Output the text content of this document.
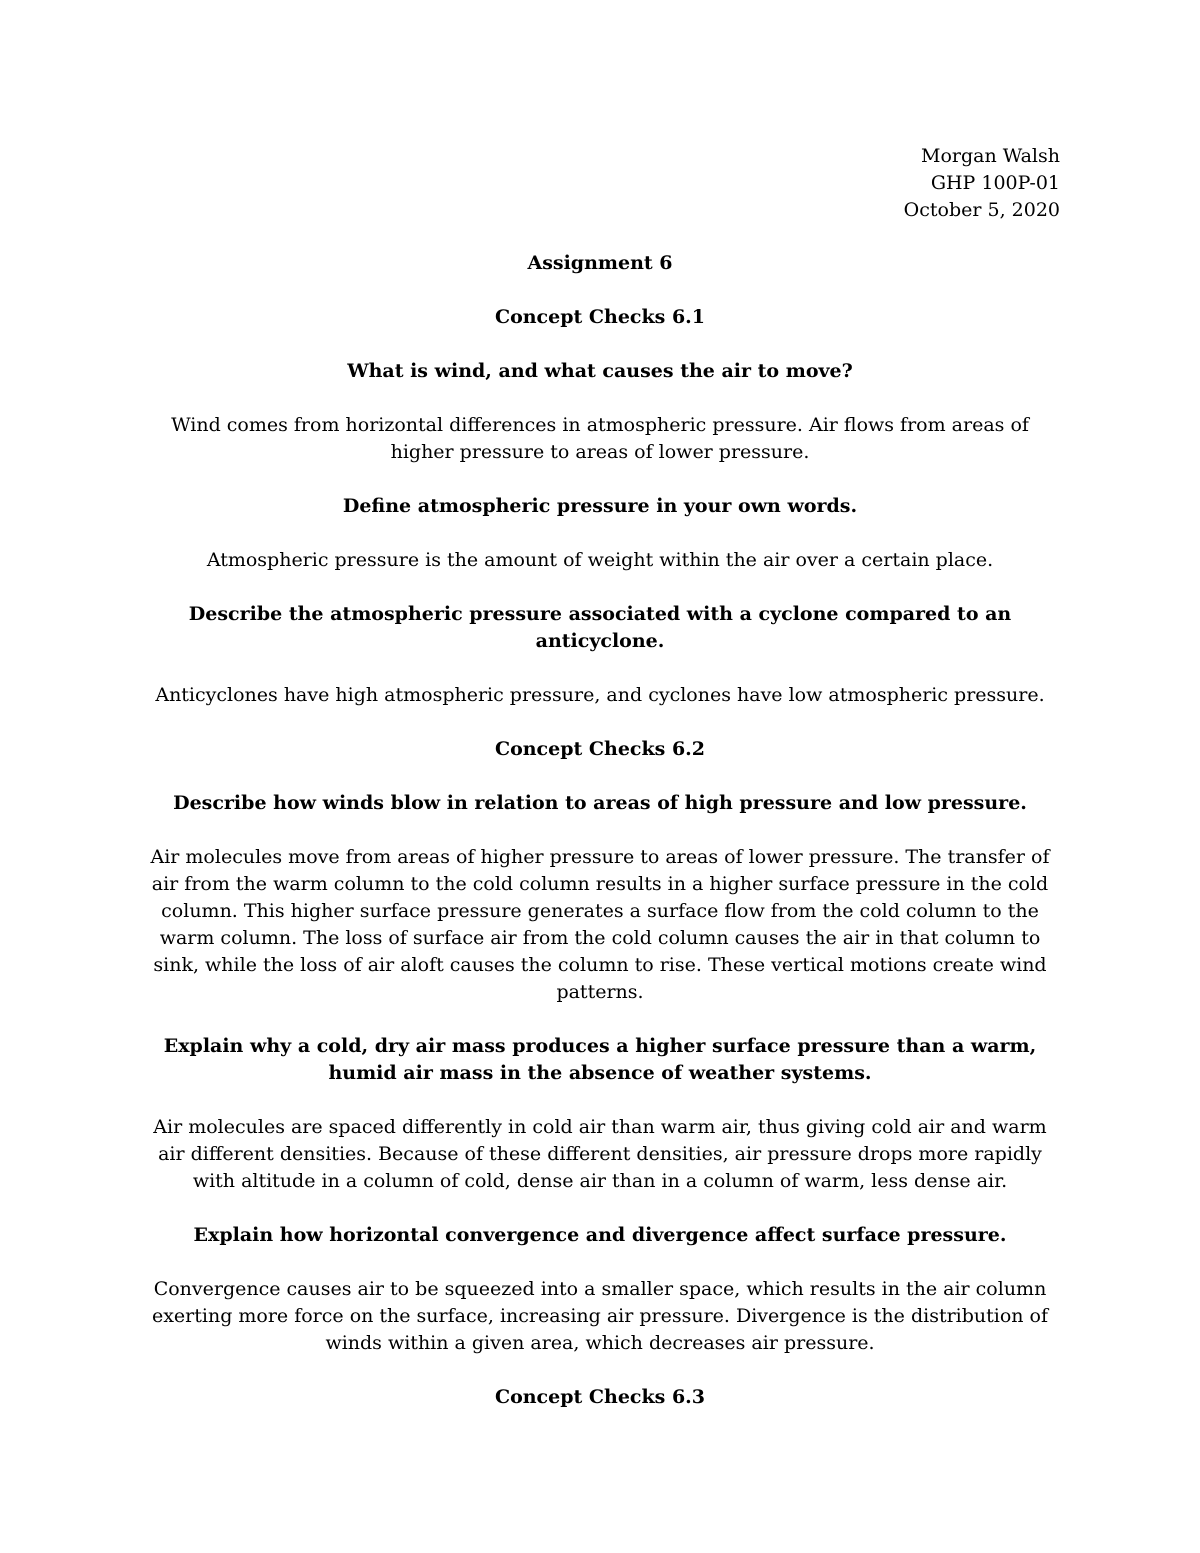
Morgan Walsh
GHP 100P-01
October 5, 2020
Assignment 6
Concept Checks 6.1
What is wind, and what causes the air to move?
Wind comes from horizontal differences in atmospheric pressure. Air flows from areas of higher pressure to areas of lower pressure.
Define atmospheric pressure in your own words.
Atmospheric pressure is the amount of weight within the air over a certain place.
Describe the atmospheric pressure associated with a cyclone compared to an anticyclone.
Anticyclones have high atmospheric pressure, and cyclones have low atmospheric pressure.
Concept Checks 6.2
Describe how winds blow in relation to areas of high pressure and low pressure.
Air molecules move from areas of higher pressure to areas of lower pressure. The transfer of air from the warm column to the cold column results in a higher surface pressure in the cold column. This higher surface pressure generates a surface flow from the cold column to the warm column. The loss of surface air from the cold column causes the air in that column to sink, while the loss of air aloft causes the column to rise. These vertical motions create wind patterns.
Explain why a cold, dry air mass produces a higher surface pressure than a warm, humid air mass in the absence of weather systems.
Air molecules are spaced differently in cold air than warm air, thus giving cold air and warm air different densities. Because of these different densities, air pressure drops more rapidly with altitude in a column of cold, dense air than in a column of warm, less dense air.
Explain how horizontal convergence and divergence affect surface pressure.
Convergence causes air to be squeezed into a smaller space, which results in the air column exerting more force on the surface, increasing air pressure. Divergence is the distribution of winds within a given area, which decreases air pressure.
Concept Checks 6.3
